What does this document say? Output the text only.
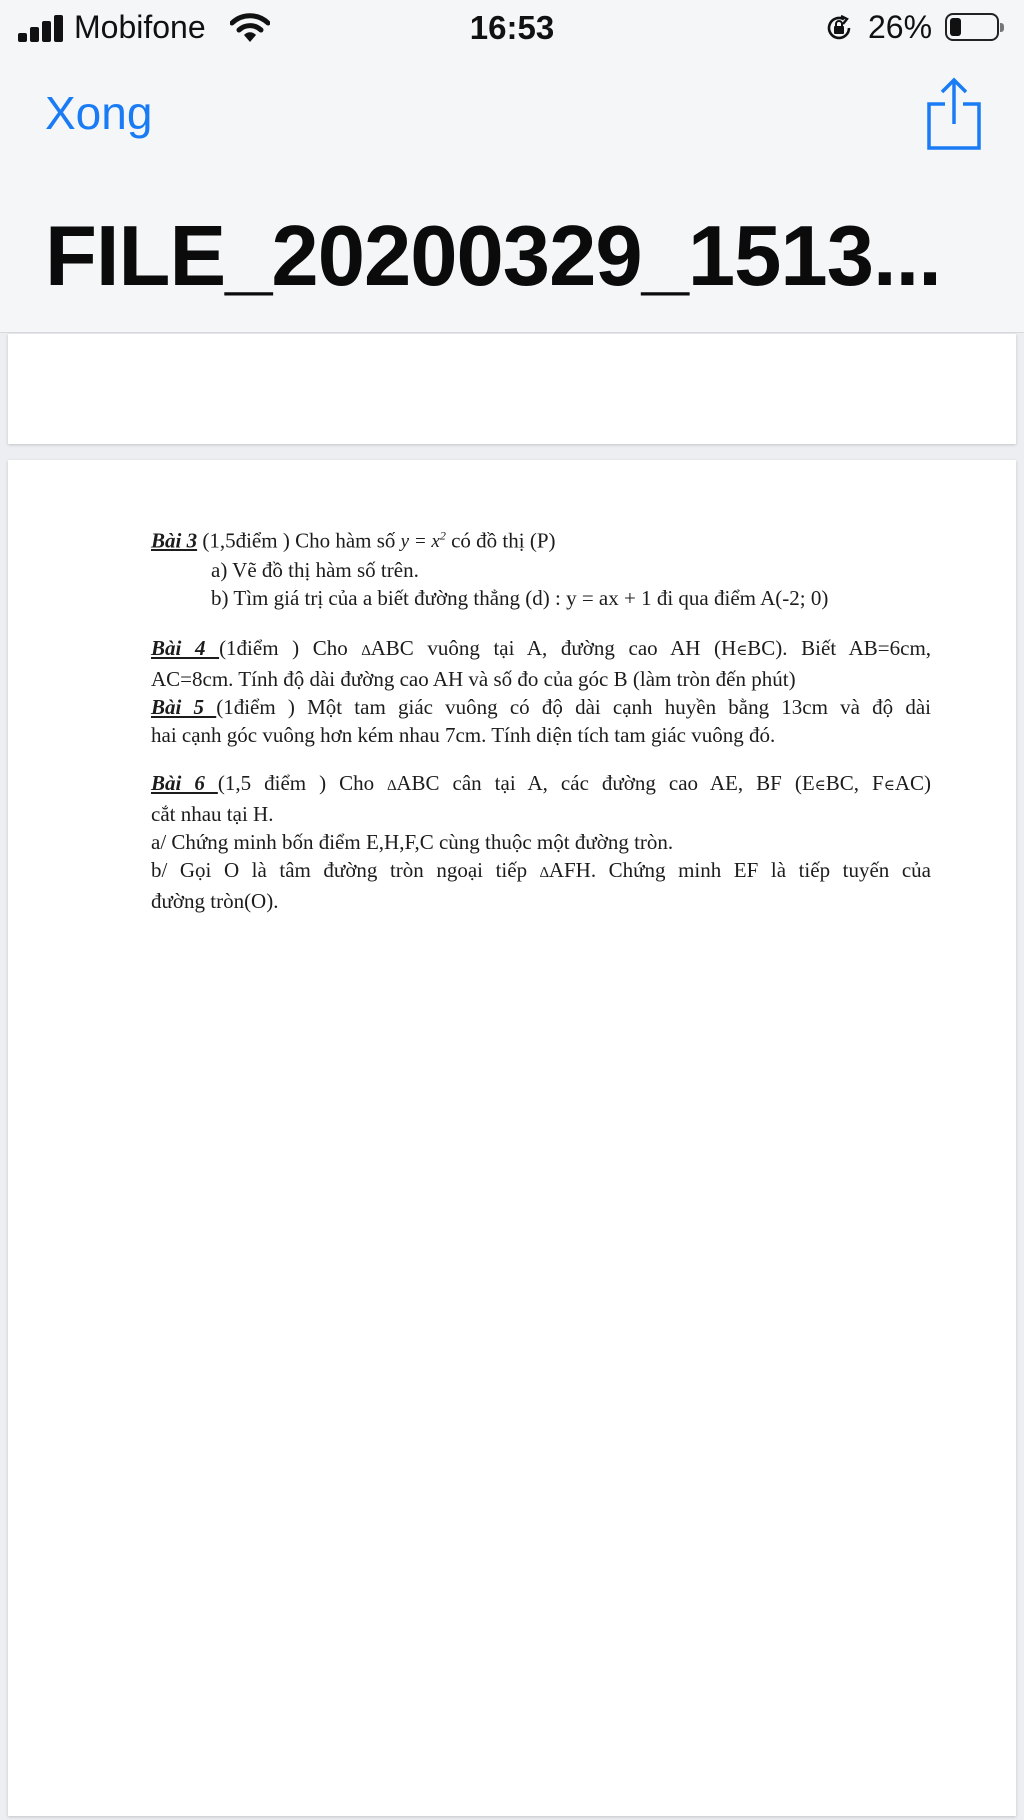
Mobifone	16:53	26%
Xong
FILE_20200329_1513...

Bài 3 (1,5điểm ) Cho hàm số $y = x^2$ có đồ thị (P)

a) Vẽ đồ thị hàm số trên.

b) Tìm giá trị của a biết đường thẳng (d) : y = ax + 1 đi qua điểm A(-2; 0)

Bài 4 (1điểm ) Cho ∆ABC vuông tại A, đường cao AH (H∈BC). Biết AB=6cm,

AC=8cm. Tính độ dài đường cao AH và số đo của góc B (làm tròn đến phút)

Bài 5 (1điểm ) Một tam giác vuông có độ dài cạnh huyền bằng 13cm và độ dài

hai cạnh góc vuông hơn kém nhau 7cm. Tính diện tích tam giác vuông đó.

Bài 6 (1,5 điểm ) Cho ∆ABC cân tại A, các đường cao AE, BF (E∈BC, F∈AC)

cắt nhau tại H.

a/ Chứng minh bốn điểm E,H,F,C cùng thuộc một đường tròn.

b/ Gọi O là tâm đường tròn ngoại tiếp ∆AFH. Chứng minh EF là tiếp tuyến của

đường tròn(O).
